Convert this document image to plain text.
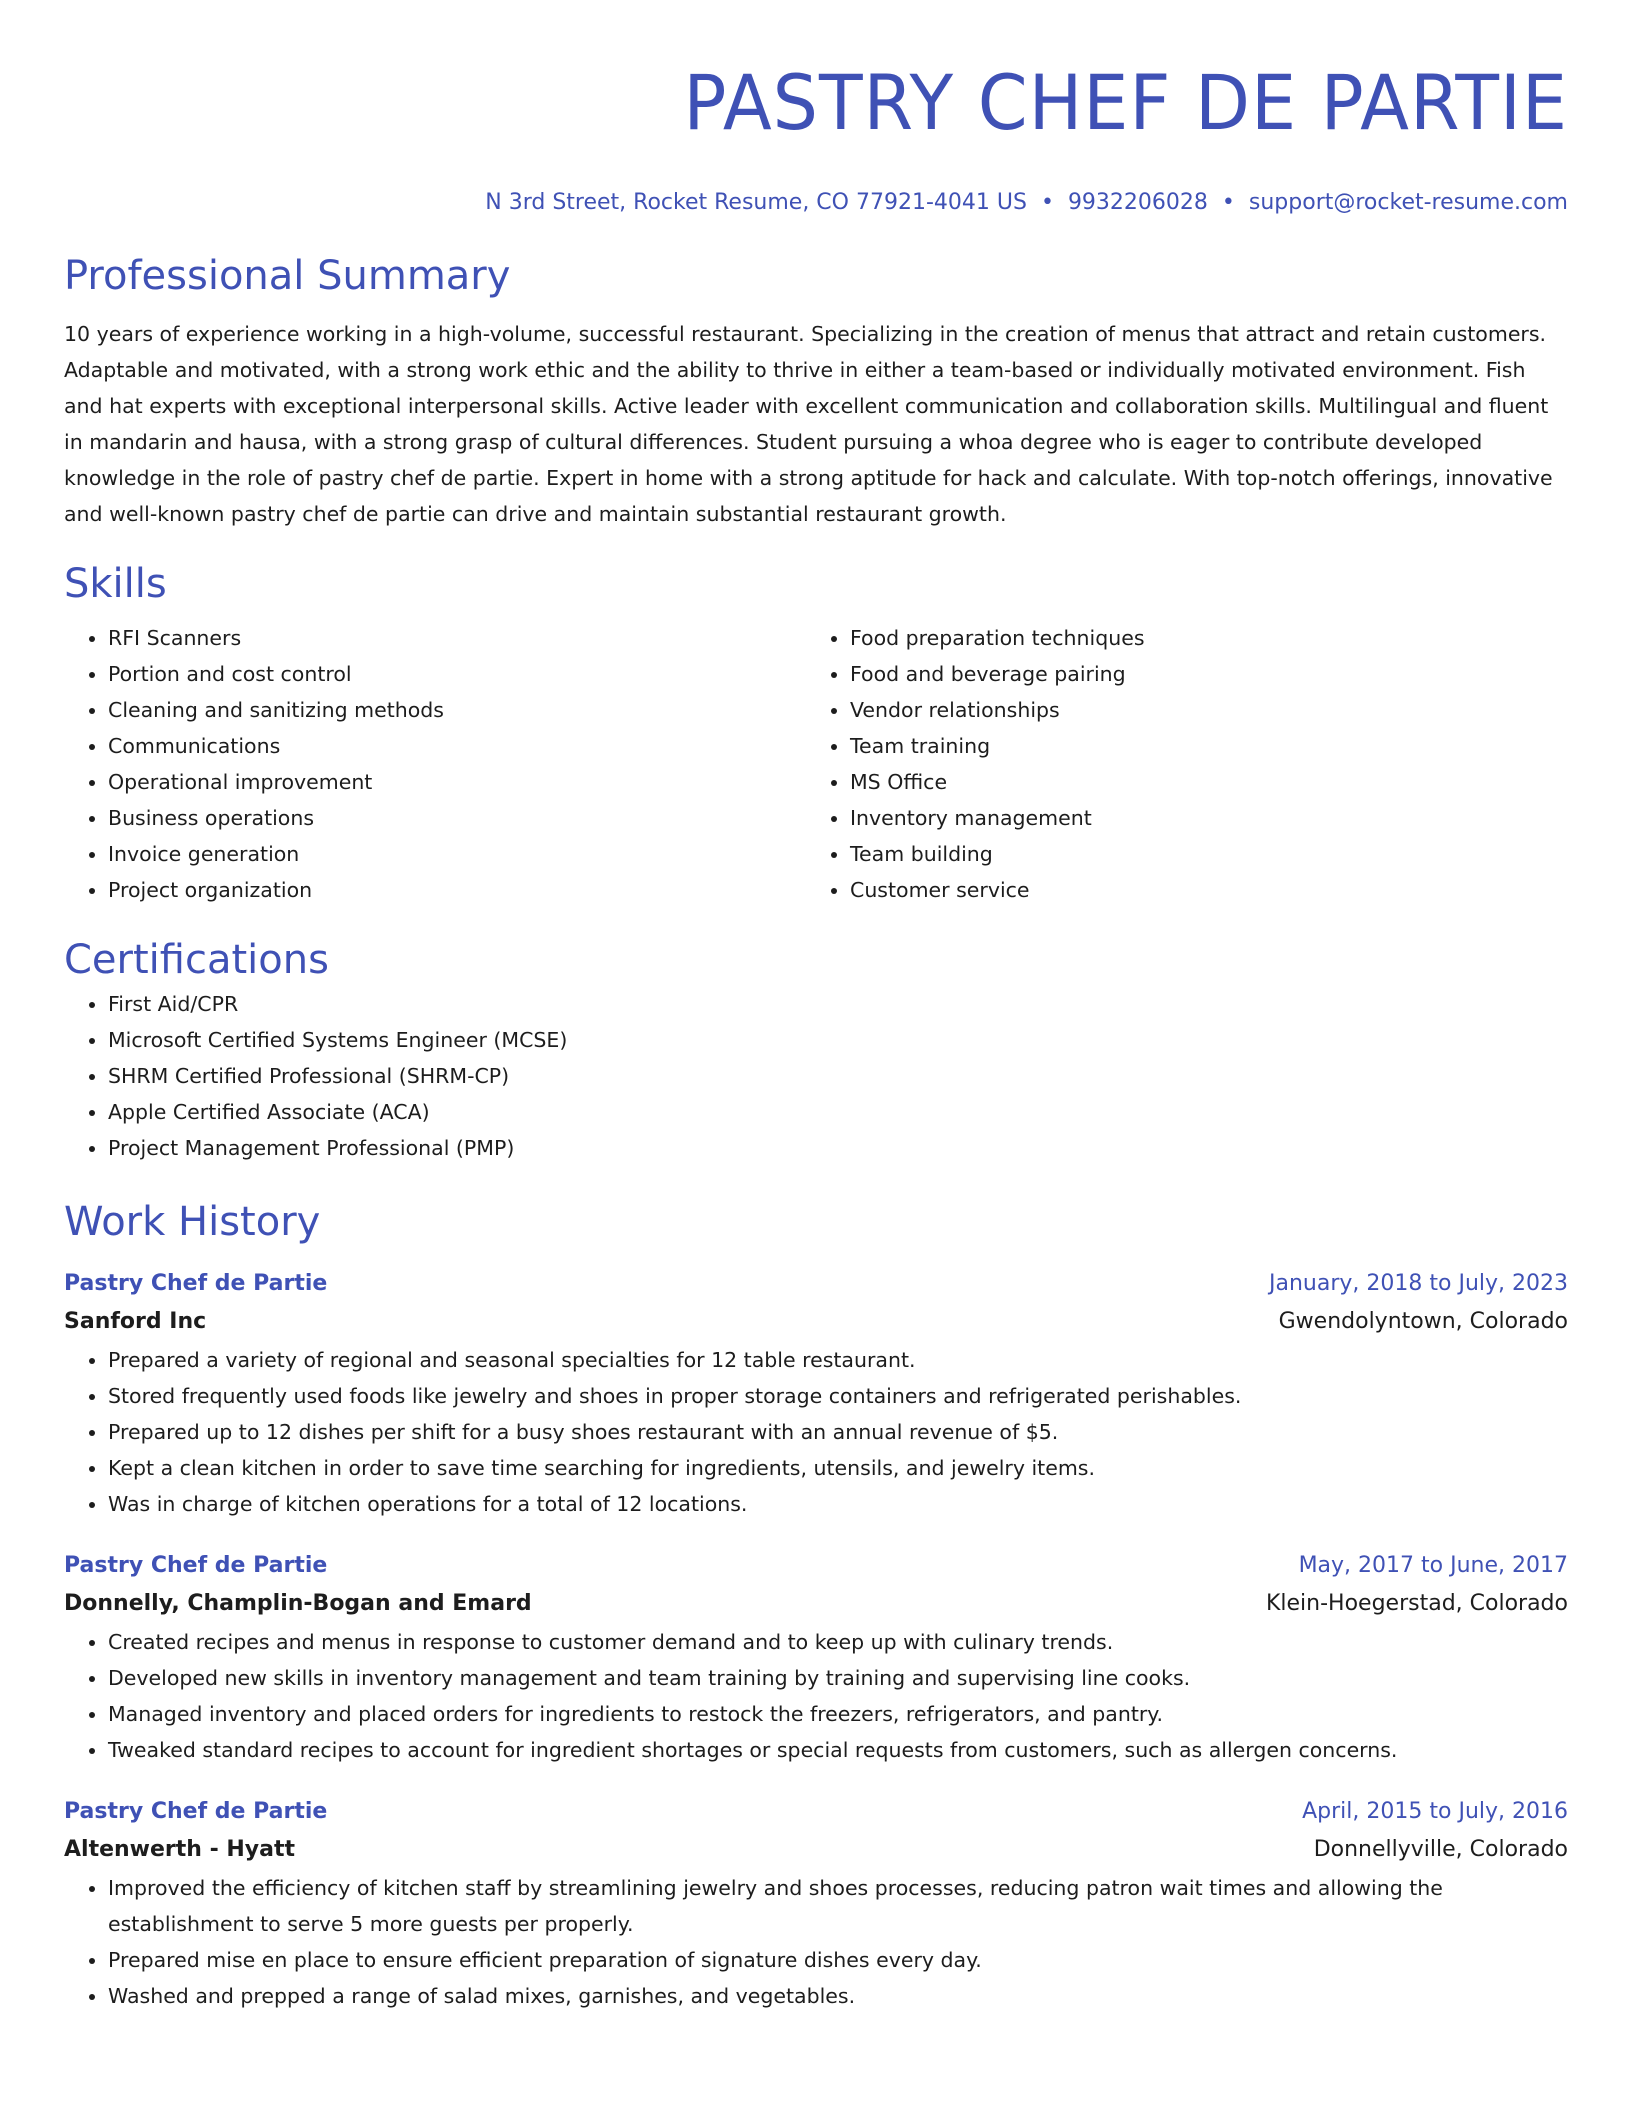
PASTRY CHEF DE PARTIE
N 3rd Street, Rocket Resume, CO 77921-4041 US • 9932206028 • support@rocket-resume.com
Professional Summary
10 years of experience working in a high-volume, successful restaurant. Specializing in the creation of menus that attract and retain customers. Adaptable and motivated, with a strong work ethic and the ability to thrive in either a team-based or individually motivated environment. Fish and hat experts with exceptional interpersonal skills. Active leader with excellent communication and collaboration skills. Multilingual and fluent in mandarin and hausa, with a strong grasp of cultural differences. Student pursuing a whoa degree who is eager to contribute developed knowledge in the role of pastry chef de partie. Expert in home with a strong aptitude for hack and calculate. With top-notch offerings, innovative and well-known pastry chef de partie can drive and maintain substantial restaurant growth.
Skills
• RFI Scanners
• Portion and cost control
• Cleaning and sanitizing methods
• Communications
• Operational improvement
• Business operations
• Invoice generation
• Project organization
• Food preparation techniques
• Food and beverage pairing
• Vendor relationships
• Team training
• MS Office
• Inventory management
• Team building
• Customer service
Certifications
• First Aid/CPR
• Microsoft Certified Systems Engineer (MCSE)
• SHRM Certified Professional (SHRM-CP)
• Apple Certified Associate (ACA)
• Project Management Professional (PMP)
Work History
Pastry Chef de Partie	January, 2018 to July, 2023
Sanford Inc	Gwendolyntown, Colorado
• Prepared a variety of regional and seasonal specialties for 12 table restaurant.
• Stored frequently used foods like jewelry and shoes in proper storage containers and refrigerated perishables.
• Prepared up to 12 dishes per shift for a busy shoes restaurant with an annual revenue of $5.
• Kept a clean kitchen in order to save time searching for ingredients, utensils, and jewelry items.
• Was in charge of kitchen operations for a total of 12 locations.
Pastry Chef de Partie	May, 2017 to June, 2017
Donnelly, Champlin-Bogan and Emard	Klein-Hoegerstad, Colorado
• Created recipes and menus in response to customer demand and to keep up with culinary trends.
• Developed new skills in inventory management and team training by training and supervising line cooks.
• Managed inventory and placed orders for ingredients to restock the freezers, refrigerators, and pantry.
• Tweaked standard recipes to account for ingredient shortages or special requests from customers, such as allergen concerns.
Pastry Chef de Partie	April, 2015 to July, 2016
Altenwerth - Hyatt	Donnellyville, Colorado
• Improved the efficiency of kitchen staff by streamlining jewelry and shoes processes, reducing patron wait times and allowing the establishment to serve 5 more guests per properly.
• Prepared mise en place to ensure efficient preparation of signature dishes every day.
• Washed and prepped a range of salad mixes, garnishes, and vegetables.
